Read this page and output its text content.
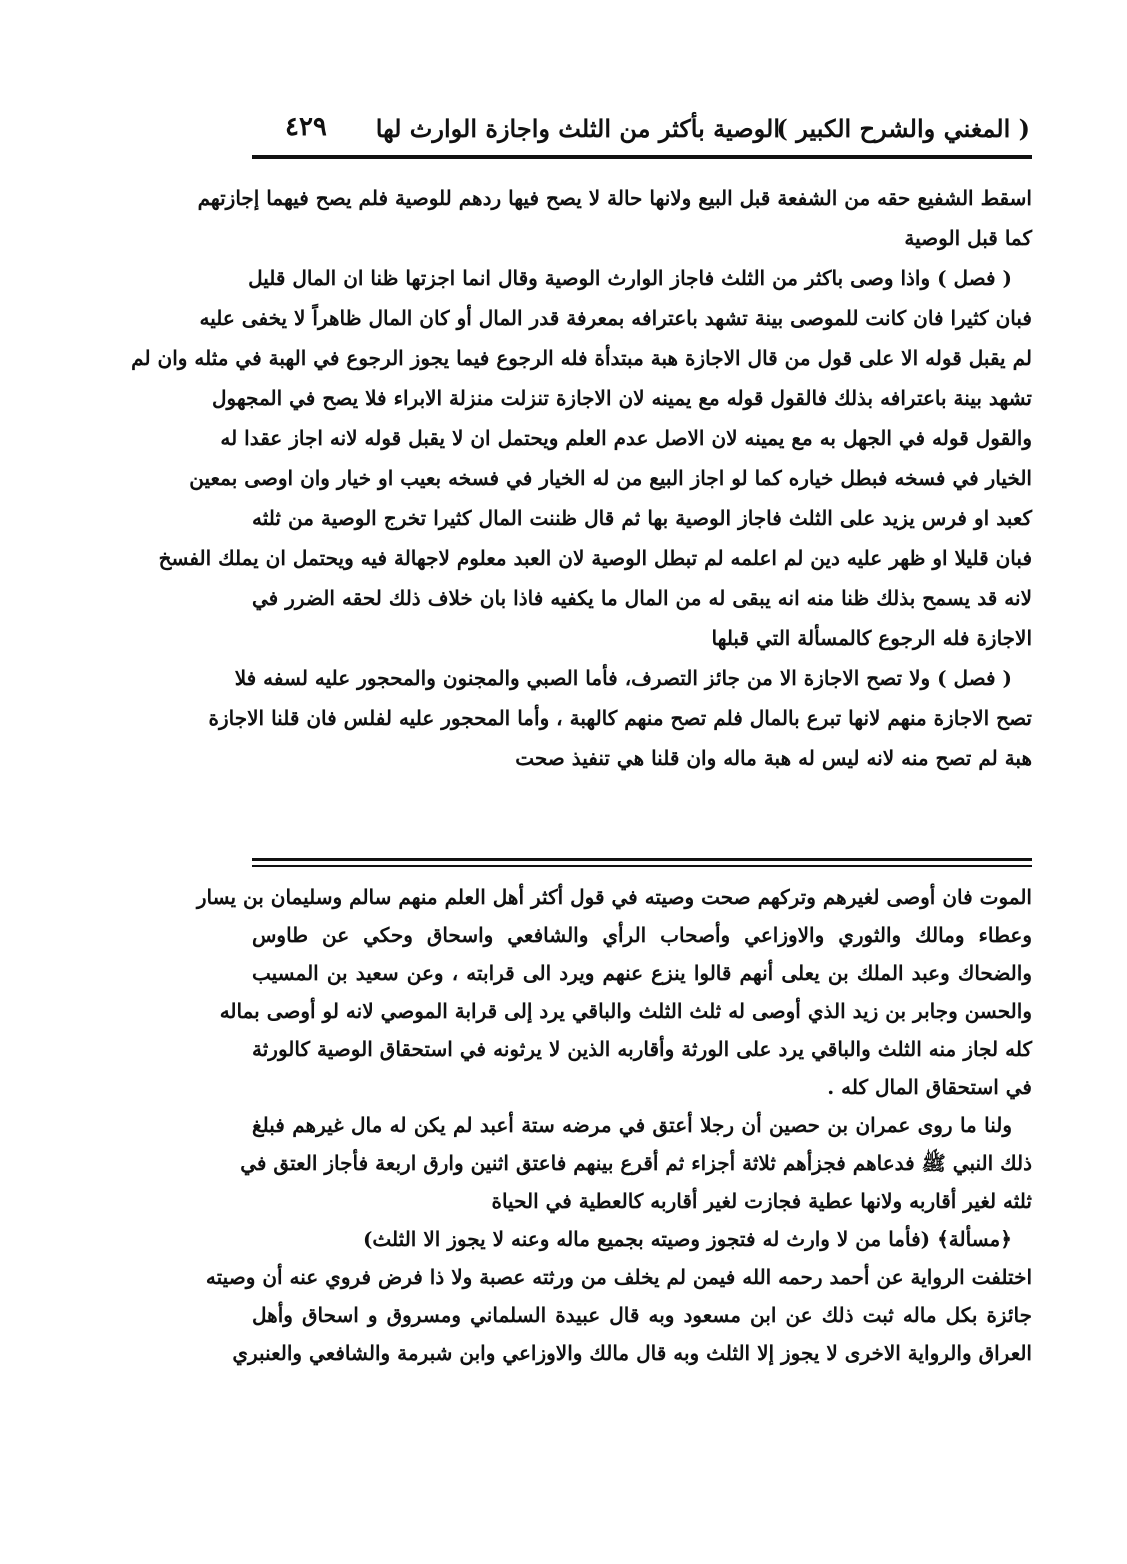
( المغني والشرح الكبير )
الوصية بأكثر من الثلث واجازة الوارث لها
٤٢٩
اسقط الشفيع حقه من الشفعة قبل البيع ولانها حالة لا يصح فيها ردهم للوصية فلم يصح فيهما إجازتهم
كما قبل الوصية
( فصل ) واذا وصى باكثر من الثلث فاجاز الوارث الوصية وقال انما اجزتها ظنا ان المال قليل
فبان كثيرا فان كانت للموصى بينة تشهد باعترافه بمعرفة قدر المال أو كان المال ظاهراً لا يخفى عليه
لم يقبل قوله الا على قول من قال الاجازة هبة مبتدأة فله الرجوع فيما يجوز الرجوع في الهبة في مثله وان لم
تشهد بينة باعترافه بذلك فالقول قوله مع يمينه لان الاجازة تنزلت منزلة الابراء فلا يصح في المجهول
والقول قوله في الجهل به مع يمينه لان الاصل عدم العلم ويحتمل ان لا يقبل قوله لانه اجاز عقدا له
الخيار في فسخه فبطل خياره كما لو اجاز البيع من له الخيار في فسخه بعيب او خيار وان اوصى بمعين
كعبد او فرس يزيد على الثلث فاجاز الوصية بها ثم قال ظننت المال كثيرا تخرج الوصية من ثلثه
فبان قليلا او ظهر عليه دين لم اعلمه لم تبطل الوصية لان العبد معلوم لاجهالة فيه ويحتمل ان يملك الفسخ
لانه قد يسمح بذلك ظنا منه انه يبقى له من المال ما يكفيه فاذا بان خلاف ذلك لحقه الضرر في
الاجازة فله الرجوع كالمسألة التي قبلها
( فصل ) ولا تصح الاجازة الا من جائز التصرف، فأما الصبي والمجنون والمحجور عليه لسفه فلا
تصح الاجازة منهم لانها تبرع بالمال فلم تصح منهم كالهبة ، وأما المحجور عليه لفلس فان قلنا الاجازة
هبة لم تصح منه لانه ليس له هبة ماله وان قلنا هي تنفيذ صحت
الموت فان أوصى لغيرهم وتركهم صحت وصيته في قول أكثر أهل العلم منهم سالم وسليمان بن يسار
وعطاء ومالك والثوري والاوزاعي وأصحاب الرأي والشافعي واسحاق وحكي عن طاوس
والضحاك وعبد الملك بن يعلى أنهم قالوا ينزع عنهم ويرد الى قرابته ، وعن سعيد بن المسيب
والحسن وجابر بن زيد الذي أوصى له ثلث الثلث والباقي يرد إلى قرابة الموصي لانه لو أوصى بماله
كله لجاز منه الثلث والباقي يرد على الورثة وأقاربه الذين لا يرثونه في استحقاق الوصية كالورثة
في استحقاق المال كله .
ولنا ما روى عمران بن حصين أن رجلا أعتق في مرضه ستة أعبد لم يكن له مال غيرهم فبلغ
ذلك النبي ﷺ فدعاهم فجزأهم ثلاثة أجزاء ثم أقرع بينهم فاعتق اثنين وارق اربعة فأجاز العتق في
ثلثه لغير أقاربه ولانها عطية فجازت لغير أقاربه كالعطية في الحياة
﴿مسألة﴾ (فأما من لا وارث له فتجوز وصيته بجميع ماله وعنه لا يجوز الا الثلث)
اختلفت الرواية عن أحمد رحمه الله فيمن لم يخلف من ورثته عصبة ولا ذا فرض فروي عنه أن وصيته
جائزة بكل ماله ثبت ذلك عن ابن مسعود وبه قال عبيدة السلماني ومسروق و اسحاق وأهل
العراق والرواية الاخرى لا يجوز إلا الثلث وبه قال مالك والاوزاعي وابن شبرمة والشافعي والعنبري
